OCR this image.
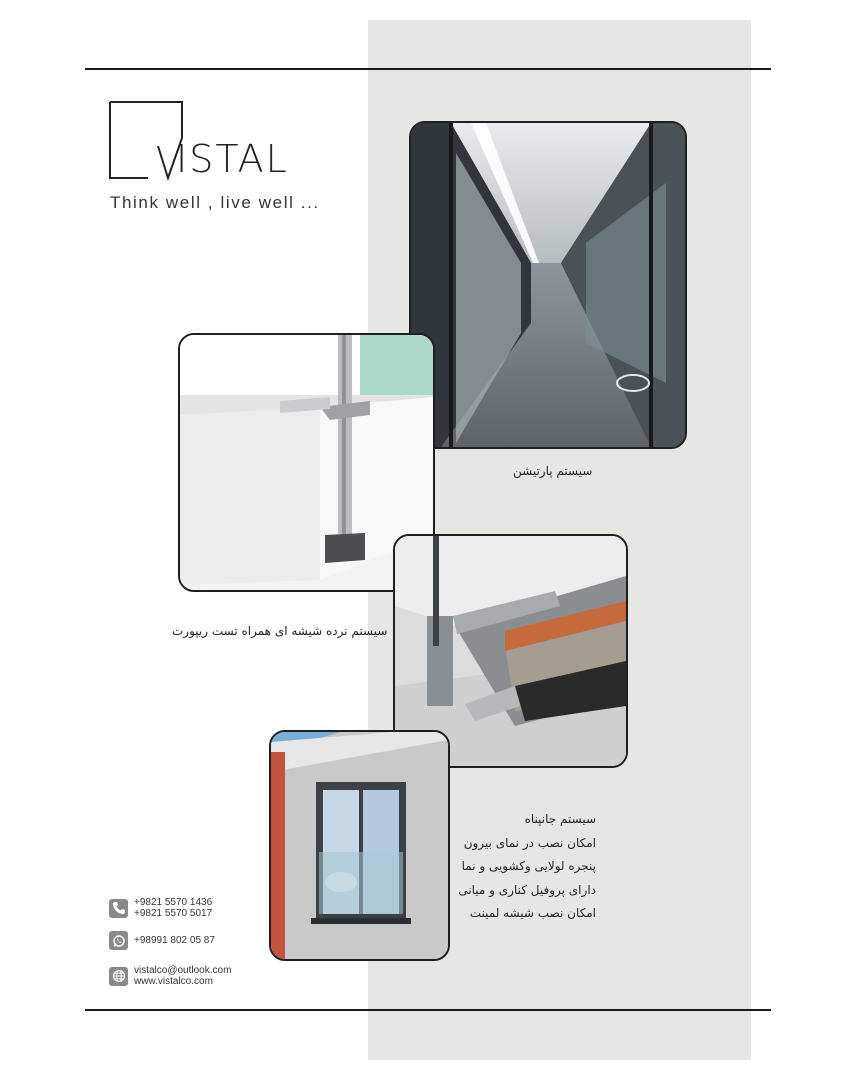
ISTAL
Think well , live well ...
سیستم پارتیشن
سیستم نرده شیشه ای همراه تست ریپورت
سیستم جانپناه
امکان نصب در نمای بیرون
پنجره لولایی وکشویی و نما
دارای پروفیل کناری و میانی
امکان نصب شیشه لمینت
+9821 5570 1436
+9821 5570 5017
+98991 802 05 87
vistalco@outlook.com
www.vistalco.com
